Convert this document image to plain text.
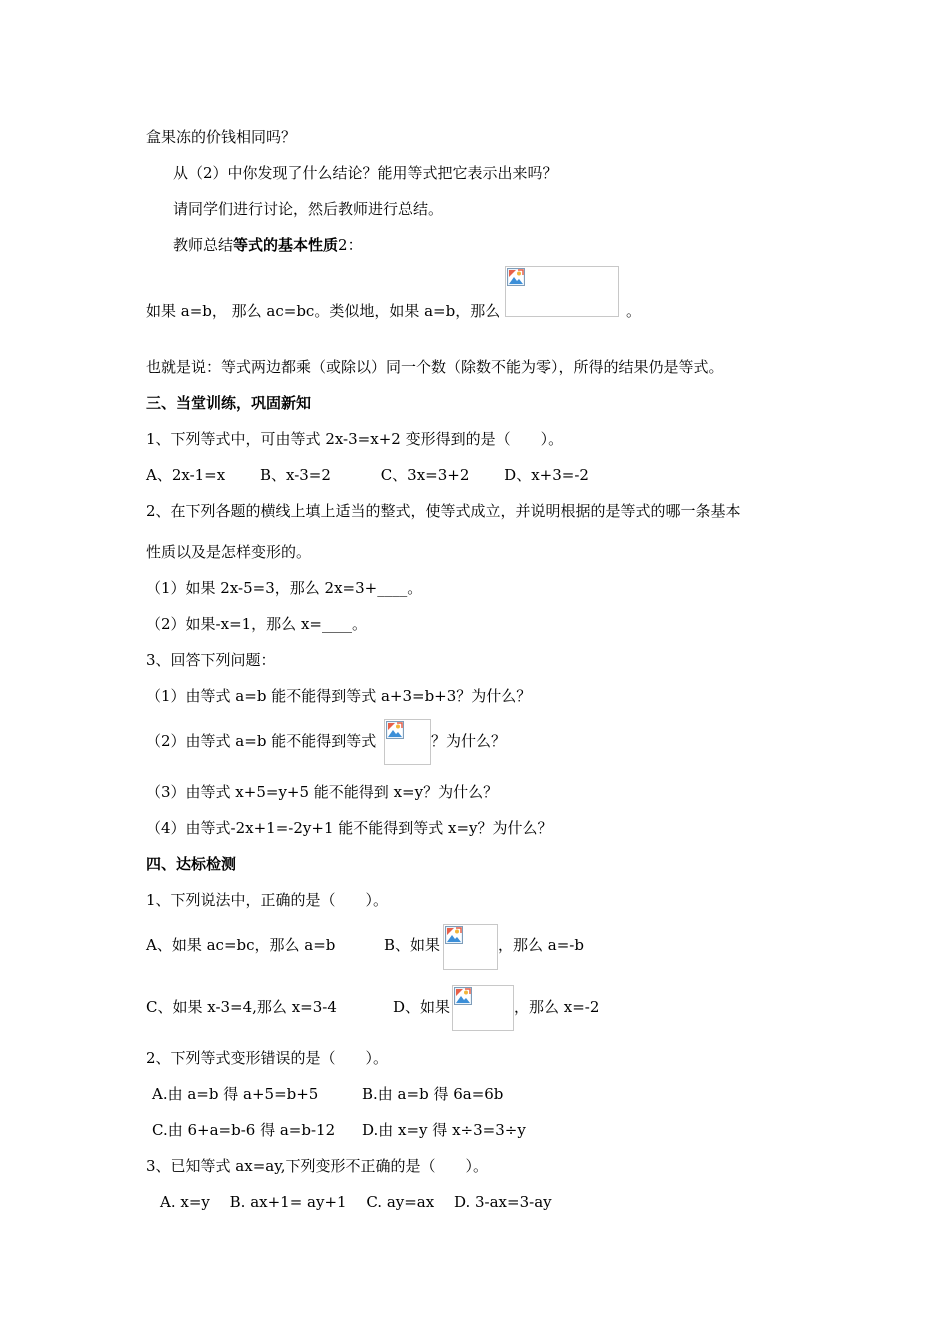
盒果冻的价钱相同吗？
从（2）中你发现了什么结论？能用等式把它表示出来吗？
请同学们进行讨论，然后教师进行总结。
教师总结等式的基本性质2：
如果 a=b， 那么 ac=bc。类似地，如果 a=b，那么	。
也就是说：等式两边都乘（或除以）同一个数（除数不能为零），所得的结果仍是等式。
三、当堂训练，巩固新知
1、下列等式中，可由等式 2x-3=x+2 变形得到的是（　　）。
A、2x-1=x　　 B、x-3=2　　　 C、3x=3+2　　 D、x+3=-2
2、在下列各题的横线上填上适当的整式，使等式成立，并说明根据的是等式的哪一条基本
性质以及是怎样变形的。
（1）如果 2x-5=3，那么 2x=3+____。
（2）如果-x=1，那么 x=____。
3、回答下列问题：
（1）由等式 a=b 能不能得到等式 a+3=b+3？为什么？
（2）由等式 a=b 能不能得到等式	？为什么？
（3）由等式 x+5=y+5 能不能得到 x=y？为什么？
（4）由等式-2x+1=-2y+1 能不能得到等式 x=y？为什么？
四、达标检测
1、下列说法中，正确的是（　　）。
A、如果 ac=bc，那么 a=b	B、如果	，那么 a=-b
C、如果 x-3=4,那么 x=3-4	D、如果	，那么 x=-2
2、下列等式变形错误的是（　　）。
A.由 a=b 得 a+5=b+5	B.由 a=b 得 6a=6b
C.由 6+a=b-6 得 a=b-12 D.由 x=y 得 x÷3=3÷y
3、已知等式 ax=ay,下列变形不正确的是（　　）。
A. x=y　 B. ax+1= ay+1　 C. ay=ax　 D. 3-ax=3-ay
